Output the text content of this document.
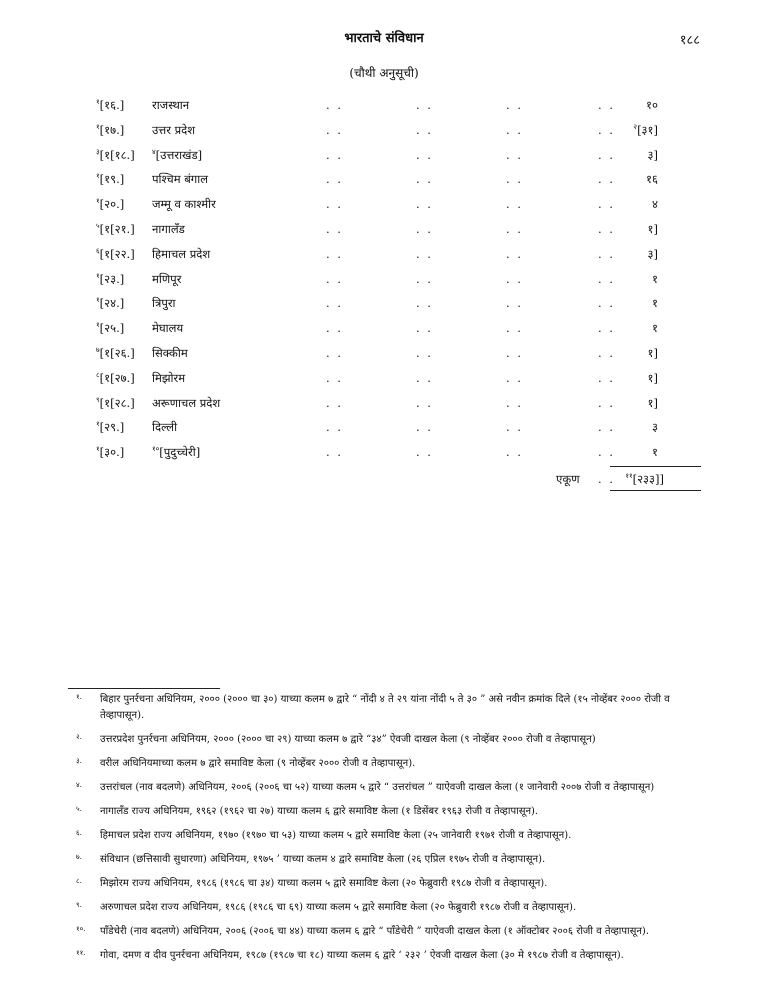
भारताचे संविधान	१८८
(चौथी अनुसूची)
$^१$[१६.] राजस्थान	. .	. .	. .	. .	१०
$^१$[१७.] उत्तर प्रदेश	. .	. .	. .	. .	$^२$[३१]
$^३$[१[१८.] $^४$[उत्तराखंड]	. .	. .	. .	. .	३]
$^१$[१९.] पश्चिम बंगाल	. .	. .	. .	. .	१६
$^१$[२०.] जम्मू व काश्मीर	. .	. .	. .	. .	४
$^५$[१[२१.] नागालँड	. .	. .	. .	. .	१]
$^६$[१[२२.] हिमाचल प्रदेश	. .	. .	. .	. .	३]
$^१$[२३.] मणिपूर	. .	. .	. .	. .	१
$^१$[२४.] त्रिपुरा	. .	. .	. .	. .	१
$^१$[२५.] मेघालय	. .	. .	. .	. .	१
$^७$[१[२६.] सिक्कीम	. .	. .	. .	. .	१]
$^८$[१[२७.] मिझोरम	. .	. .	. .	. .	१]
$^९$[१[२८.] अरूणाचल प्रदेश	. .	. .	. .	. .	१]
$^१$[२९.] दिल्ली	. .	. .	. .	. .	३
$^१$[३०.]	$^{१०}$[पुदुच्चेरी]	. .	. .	. .	. .	१
एकूण . . $^{११}$[२३३]]
१. बिहार पुनर्रचना अधिनियम, २००० (२००० चा ३०) याच्या कलम ७ द्वारे “ नोंदी ४ ते २९ यांना नोंदी ५ ते ३० ” असे नवीन क्रमांक दिले (१५ नोव्हेंबर २००० रोजी व तेव्हापासून).
२. उत्तरप्रदेश पुनर्रचना अधिनियम, २००० (२००० चा २९) याच्या कलम ७ द्वारे “३४” ऐवजी दाखल केला (९ नोव्हेंबर २००० रोजी व तेव्हापासून)
३. वरील अधिनियमाच्या कलम ७ द्वारे समाविष्ट केला (९ नोव्हेंबर २००० रोजी व तेव्हापासून).
४. उत्तरांचल (नाव बदलणे) अधिनियम, २००६ (२००६ चा ५२) याच्या कलम ५ द्वारे “ उत्तरांचल ” याऐवजी दाखल केला (१ जानेवारी २००७ रोजी व तेव्हापासून)
५. नागालँड राज्य अधिनियम, १९६२ (१९६२ चा २७) याच्या कलम ६ द्वारे समाविष्ट केला (१ डिसेंबर १९६३ रोजी व तेव्हापासून).
६. हिमाचल प्रदेश राज्य अधिनियम, १९७० (१९७० चा ५३) याच्या कलम ५ द्वारे समाविष्ट केला (२५ जानेवारी १९७१ रोजी व तेव्हापासून).
७. संविधान (छत्तिसावी सुधारणा) अधिनियम, १९७५ ’ याच्या कलम ४ द्वारे समाविष्ट केला (२६ एप्रिल १९७५ रोजी व तेव्हापासून).
८. मिझोरम राज्य अधिनियम, १९८६ (१९८६ चा ३४) याच्या कलम ५ द्वारे समाविष्ट केला (२० फेब्रुवारी १९८७ रोजी व तेव्हापासून).
९. अरुणाचल प्रदेश राज्य अधिनियम, १९८६ (१९८६ चा ६९) याच्या कलम ५ द्वारे समाविष्ट केला (२० फेब्रुवारी १९८७ रोजी व तेव्हापासून).
१०. पॉंडेचेरी (नाव बदलणे) अधिनियम, २००६ (२००६ चा ४४) याच्या कलम ६ द्वारे “ पॉंडेचेरी ” याऐवजी दाखल केला (१ ऑक्टोबर २००६ रोजी व तेव्हापासून).
११. गोवा, दमण व दीव पुनर्रचना अधिनियम, १९८७ (१९८७ चा १८) याच्या कलम ६ द्वारे ‘ २३२ ’ ऐवजी दाखल केला (३० मे १९८७ रोजी व तेव्हापासून).
